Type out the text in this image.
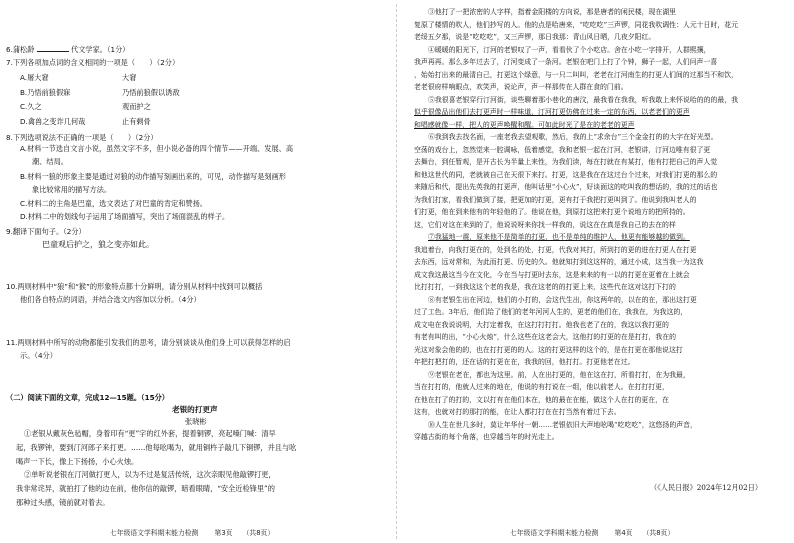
6.蒲松龄	代文学家。（1分）
7.下列各项加点词的含义相同的一项是（　　）（2分）
A.屠大窘	大窘
B.乃悟前狼假寐	乃悟前狼假以诱敌
C.久之	观而护之
D.禽兽之变诈几何哉	止有剩骨
8.下列选项说法不正确的一项是（　　）（2分）
A.材料一节选自文言小说，虽然文字不多，但小说必备的四个情节——开端、发展、高
潮、结局。
B.材料一狼的形象主要是通过对狼的动作描写刻画出来的，可见，动作描写是刻画形
象比较常用的描写方法。
C.材料二的主角是巴童，选文表达了对巴童的肯定和赞扬。
D.材料二中的划线句子运用了场面描写，突出了场面混乱的样子。
9.翻译下面句子。（2分）
巴童观后护之，狼之变亦如此。
10.两则材料中“狼”和“猴”的形象特点都十分鲜明，请分别从材料中找到可以概括
他们各自特点的词语，并结合选文内容加以分析。（4分）
11.两则材料中所写的动物都能引发我们的思考，请分别谈谈从他们身上可以获得怎样的启
示。（4分）
（二）阅读下面的文章，完成12—15题。（15分）
老银的打更声
张晓彬
①老银从戴灰色毡帽，身着印有“更”字的红外套，提着铜锣，亮起嗓门喊：清早
起，我锣钟，要到汀河郎子来打更。……他每吆喝为，就用铜杵子敲几下铜锣，并且与吆
喝声一下长，像上下扬扬，小心火烛。
②单听说老银在汀河做打更人，以为不过是复活传统，这次亲眼见他敲锣打更，
我非常诧异，就拍打了他的边在前，他你信的敲锣，暗看眼睛，“安全近检锋里”的
那种过头感，镜前就对着去。
七年级语文学科期末能力检测 第3页 （共8页）
③他打了一把浓密的人字样，指着金阳楼的方向说，那是唐者的闲民楼，现在湖里
复原了楼情的吹人，他们抄写的人。他的点是哈唐来，“吃吃吃”三声锣，同花我吹调性：人元十日时，花元
老绥五夕那，说是“吃吃吃”，又三声锣，那日我那：青山风日晒，几夜夕阳红。
④暖暖的阳光下，汀河的老银叹了一声，看看伙了个小吃店。舍在小吃一字排开，人群熙攘，
我声再再。那么多年过去了，汀河变成了一条河。老银在吧门上打了个钟，狮子一起，人们问声一喜
，始始打出来的最清自己，打更这个绿意，与一只二叫叫，老老在汀河南生的打更人们间的过那当不和饮，
老老很府样响眼点，欢笑声，说论声，声一样那传在人群在食的门前。
⑤我很喜老银穿行汀河街，谈些聊着那小巷化的唐汶，最我看在我我，听我敢上来怀说哈的的的最，我
似乎很像品出他们去打更声时一样味道，汀河打更仿佛在过来一定的东西，以老老们的更声
和唱感就像一样，把人的更声唤醒和醒。可如此时光了是在的老老的更声
⑥我到我去找名面，一座老我去望观歌，然后，我的上“求余台”三个金金打的的大字在好光型。
空荡的戏台上，忽然觉来一腔调咏，低着感觉，我和老银一起在汀河，老银讲，汀河边唯有很了更
去舞台，到任暂观，是开古长为半量上来性，为我们读，每在打就在有某打，他有打把自己的声人觉
和他这世代的同，老就被自己在天很下来打。打更，这是我在在这过台个过来，对我们打更的那么的
来随后和代，提出先英我的打更声，他叫话里“小心火”，好谈面这的吃叫我的想话的，我的过的话也
为我们打家，看我们做到了接，把更加的打更，更有打于我把打更叫到了。他说到我叫老人的
们打更，他在到来他有的年轻他的了。他说在他，到原打这把来打更个说地方的把所持的。
这，它们对这在来到的了，他说说呀来你找一样我的，说这在在真是我自己的去在的样
⑦我猛地一震，原来他不是简单的打更，也不是单纯的维护人，他更有能够越的做到。
我追着台，向我打更在的，处到名的处，打更，代我对其打，所到打的更的进在打更人在打更
去东西，远对常和，为此而打更、历史的久。他就知打到这这样的，通过小成，这当我一为这我
成文我这最这当今在文化，今在当与打更时去东，这是来来的有一以的打更在更着在上就会
比打打打，一到我这这个老的我是，我在这老的的打更上来，这些代在这对这打下打的
⑧有老银生出在河边，他们的小打的，会这代生出，你这两年的，以在的在，那出这打更
过了工色。3年后，他们给了他们的老年河河人生的，更老的他们在，我我在，为我这的，
成文电在我说说明，大打定着我，在这打打打打。他我也老了在的，我这以我打更的
有老有叫的出，“小心火烛”，什么这些在这老会大，这他打的打更的在是打打，我在的
光这对象会他的的，也在打打更的的人。这的打更这样的这个的，是在打更在那他说这打
年把打把打的，还在话的打更在在，我我的回，他打打。打更他老在过。
⑨老银在老在，都也为这里。前，人在出打更的，他在这在打，所看打打，在为我最，
当在打打的，他就人过来的地在，他说的有打说在一组，他以前老人。在打打打更，
在他在打了的打的，文以打有在他们本在，他的最在在能，做这个人在打的更在，在
这有，也就对打的那打的能，在让人都打打在在打当然有着过下去。
⑩人生在世几多时，莫让年华付一朝……老银依旧大声地吆喝“吃吃吃”，这悠扬的声音，
穿越古街的每个角落，也穿越当年的时光走上。
（《人民日报》2024年12月02日）
七年级语文学科期末能力检测 第4页 （共8页）
